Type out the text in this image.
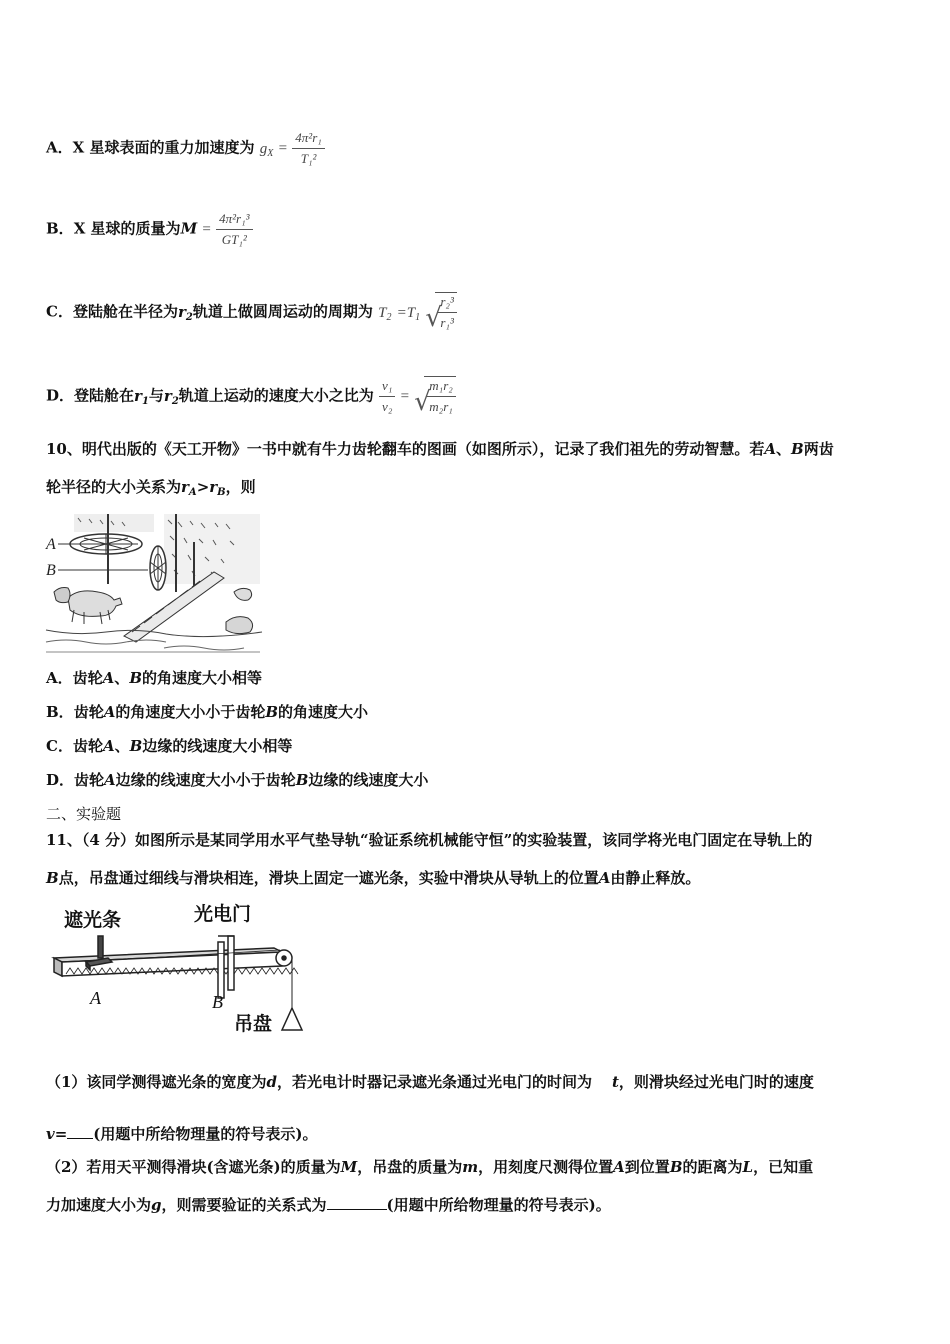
A．X 星球表面的重力加速度为 $g_X = \frac{\text{4π²r₁}}{\text{T₁²}}$
B．X 星球的质量为$M = \frac{\text{4π²r₁³}}{\text{GT₁²}}$
C．登陆舱在半径为$r_2$轨道上做圆周运动的周期为 $T_2 =T_1$ √
$\frac{\text{r₂³}}{\text{r₁³}}$
D．登陆舱在$r_1$与$r_2$轨道上运动的速度大小之比为 $\frac{\text{v₁}}{\text{v₂}}$ = √
$\frac{\text{m₁r₂}}{\text{m₂r₁}}$
10、明代出版的《天工开物》一书中就有牛力齿轮翻车的图画（如图所示），记录了我们祖先的劳动智慧。若A、B两齿
轮半径的大小关系为$r_A>r_B$，则
A
B
A．齿轮A、B的角速度大小相等
B．齿轮A的角速度大小小于齿轮B的角速度大小
C．齿轮A、B边缘的线速度大小相等
D．齿轮A边缘的线速度大小小于齿轮B边缘的线速度大小
二、实验题
11、（4 分）如图所示是某同学用水平气垫导轨“验证系统机械能守恒”的实验装置，该同学将光电门固定在导轨上的
B点，吊盘通过细线与滑块相连，滑块上固定一遮光条，实验中滑块从导轨上的位置A由静止释放。
遮光条	光电门
A	B
吊盘
（1）该同学测得遮光条的宽度为d，若光电计时器记录遮光条通过光电门的时间为 t，则滑块经过光电门时的速度
v= (用题中所给物理量的符号表示)。
（2）若用天平测得滑块(含遮光条)的质量为M，吊盘的质量为m，用刻度尺测得位置A到位置B的距离为L，已知重
力加速度大小为g，则需要验证的关系式为	(用题中所给物理量的符号表示)。
